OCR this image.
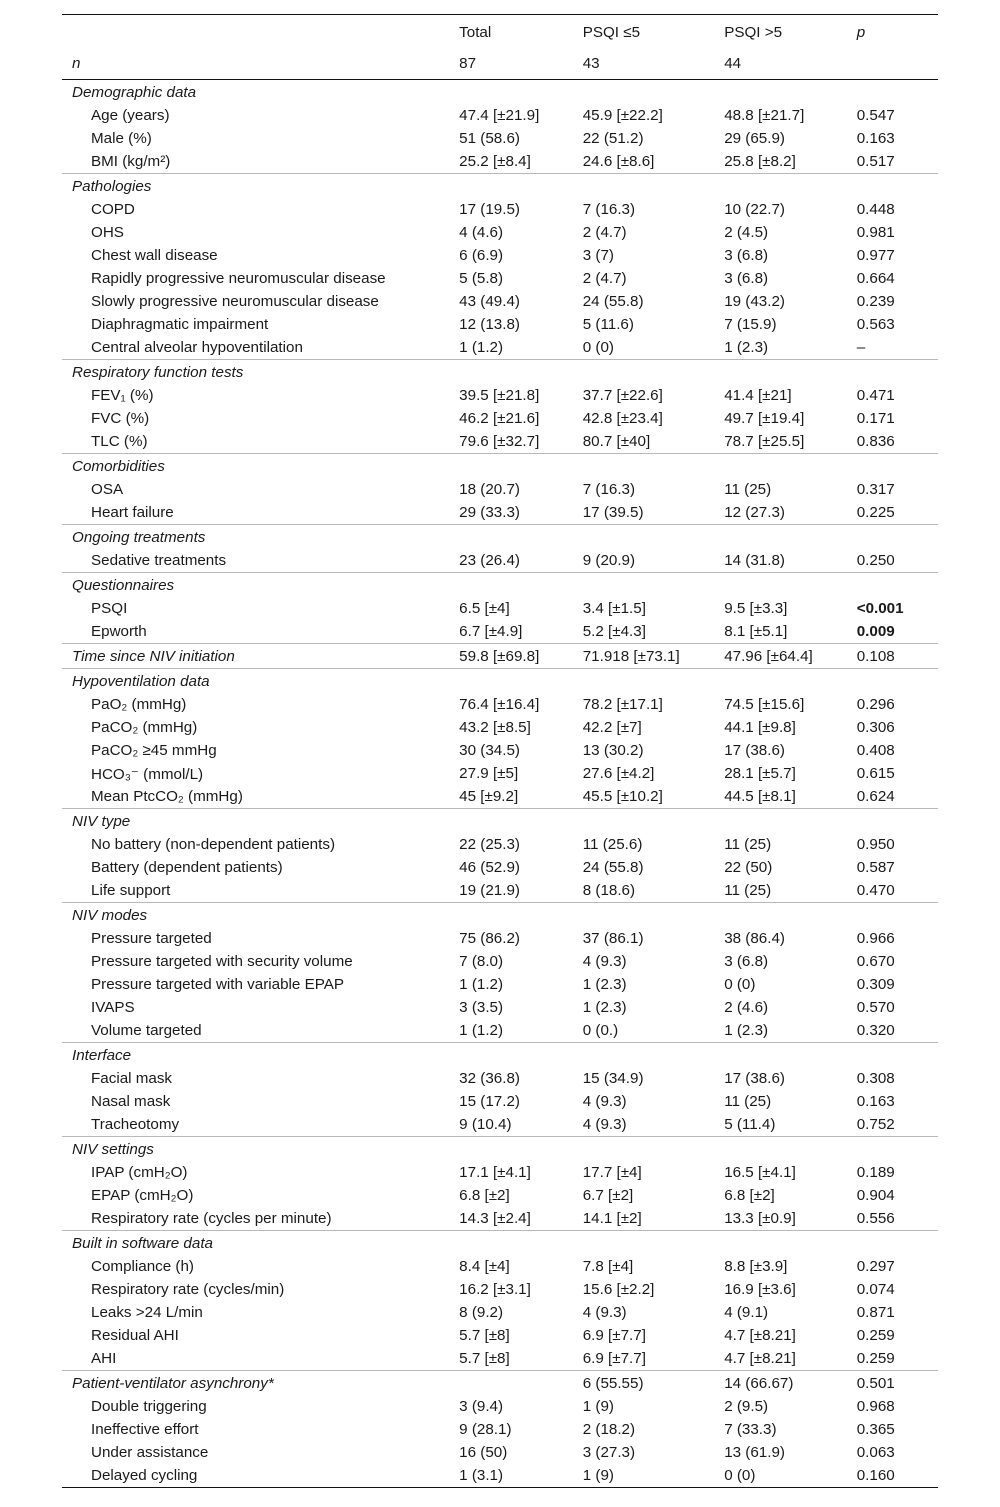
	Total	PSQI ≤5	PSQI >5	p
n	87	43	44	
Demographic data				
Age (years)	47.4 [±21.9]	45.9 [±22.2]	48.8 [±21.7]	0.547
Male (%)	51 (58.6)	22 (51.2)	29 (65.9)	0.163
BMI (kg/m²)	25.2 [±8.4]	24.6 [±8.6]	25.8 [±8.2]	0.517
Pathologies				
COPD	17 (19.5)	7 (16.3)	10 (22.7)	0.448
OHS	4 (4.6)	2 (4.7)	2 (4.5)	0.981
Chest wall disease	6 (6.9)	3 (7)	3 (6.8)	0.977
Rapidly progressive neuromuscular disease	5 (5.8)	2 (4.7)	3 (6.8)	0.664
Slowly progressive neuromuscular disease	43 (49.4)	24 (55.8)	19 (43.2)	0.239
Diaphragmatic impairment	12 (13.8)	5 (11.6)	7 (15.9)	0.563
Central alveolar hypoventilation	1 (1.2)	0 (0)	1 (2.3)	–
Respiratory function tests				
FEV₁ (%)	39.5 [±21.8]	37.7 [±22.6]	41.4 [±21]	0.471
FVC (%)	46.2 [±21.6]	42.8 [±23.4]	49.7 [±19.4]	0.171
TLC (%)	79.6 [±32.7]	80.7 [±40]	78.7 [±25.5]	0.836
Comorbidities				
OSA	18 (20.7)	7 (16.3)	11 (25)	0.317
Heart failure	29 (33.3)	17 (39.5)	12 (27.3)	0.225
Ongoing treatments				
Sedative treatments	23 (26.4)	9 (20.9)	14 (31.8)	0.250
Questionnaires				
PSQI	6.5 [±4]	3.4 [±1.5]	9.5 [±3.3]	<0.001
Epworth	6.7 [±4.9]	5.2 [±4.3]	8.1 [±5.1]	0.009
Time since NIV initiation	59.8 [±69.8]	71.918 [±73.1]	47.96 [±64.4]	0.108
Hypoventilation data				
PaO₂ (mmHg)	76.4 [±16.4]	78.2 [±17.1]	74.5 [±15.6]	0.296
PaCO₂ (mmHg)	43.2 [±8.5]	42.2 [±7]	44.1 [±9.8]	0.306
PaCO₂ ≥45 mmHg	30 (34.5)	13 (30.2)	17 (38.6)	0.408
HCO₃⁻ (mmol/L)	27.9 [±5]	27.6 [±4.2]	28.1 [±5.7]	0.615
Mean PtcCO₂ (mmHg)	45 [±9.2]	45.5 [±10.2]	44.5 [±8.1]	0.624
NIV type				
No battery (non-dependent patients)	22 (25.3)	11 (25.6)	11 (25)	0.950
Battery (dependent patients)	46 (52.9)	24 (55.8)	22 (50)	0.587
Life support	19 (21.9)	8 (18.6)	11 (25)	0.470
NIV modes				
Pressure targeted	75 (86.2)	37 (86.1)	38 (86.4)	0.966
Pressure targeted with security volume	7 (8.0)	4 (9.3)	3 (6.8)	0.670
Pressure targeted with variable EPAP	1 (1.2)	1 (2.3)	0 (0)	0.309
IVAPS	3 (3.5)	1 (2.3)	2 (4.6)	0.570
Volume targeted	1 (1.2)	0 (0.)	1 (2.3)	0.320
Interface				
Facial mask	32 (36.8)	15 (34.9)	17 (38.6)	0.308
Nasal mask	15 (17.2)	4 (9.3)	11 (25)	0.163
Tracheotomy	9 (10.4)	4 (9.3)	5 (11.4)	0.752
NIV settings				
IPAP (cmH₂O)	17.1 [±4.1]	17.7 [±4]	16.5 [±4.1]	0.189
EPAP (cmH₂O)	6.8 [±2]	6.7 [±2]	6.8 [±2]	0.904
Respiratory rate (cycles per minute)	14.3 [±2.4]	14.1 [±2]	13.3 [±0.9]	0.556
Built in software data				
Compliance (h)	8.4 [±4]	7.8 [±4]	8.8 [±3.9]	0.297
Respiratory rate (cycles/min)	16.2 [±3.1]	15.6 [±2.2]	16.9 [±3.6]	0.074
Leaks >24 L/min	8 (9.2)	4 (9.3)	4 (9.1)	0.871
Residual AHI	5.7 [±8]	6.9 [±7.7]	4.7 [±8.21]	0.259
AHI	5.7 [±8]	6.9 [±7.7]	4.7 [±8.21]	0.259
Patient-ventilator asynchrony*		6 (55.55)	14 (66.67)	0.501
Double triggering	3 (9.4)	1 (9)	2 (9.5)	0.968
Ineffective effort	9 (28.1)	2 (18.2)	7 (33.3)	0.365
Under assistance	16 (50)	3 (27.3)	13 (61.9)	0.063
Delayed cycling	1 (3.1)	1 (9)	0 (0)	0.160
